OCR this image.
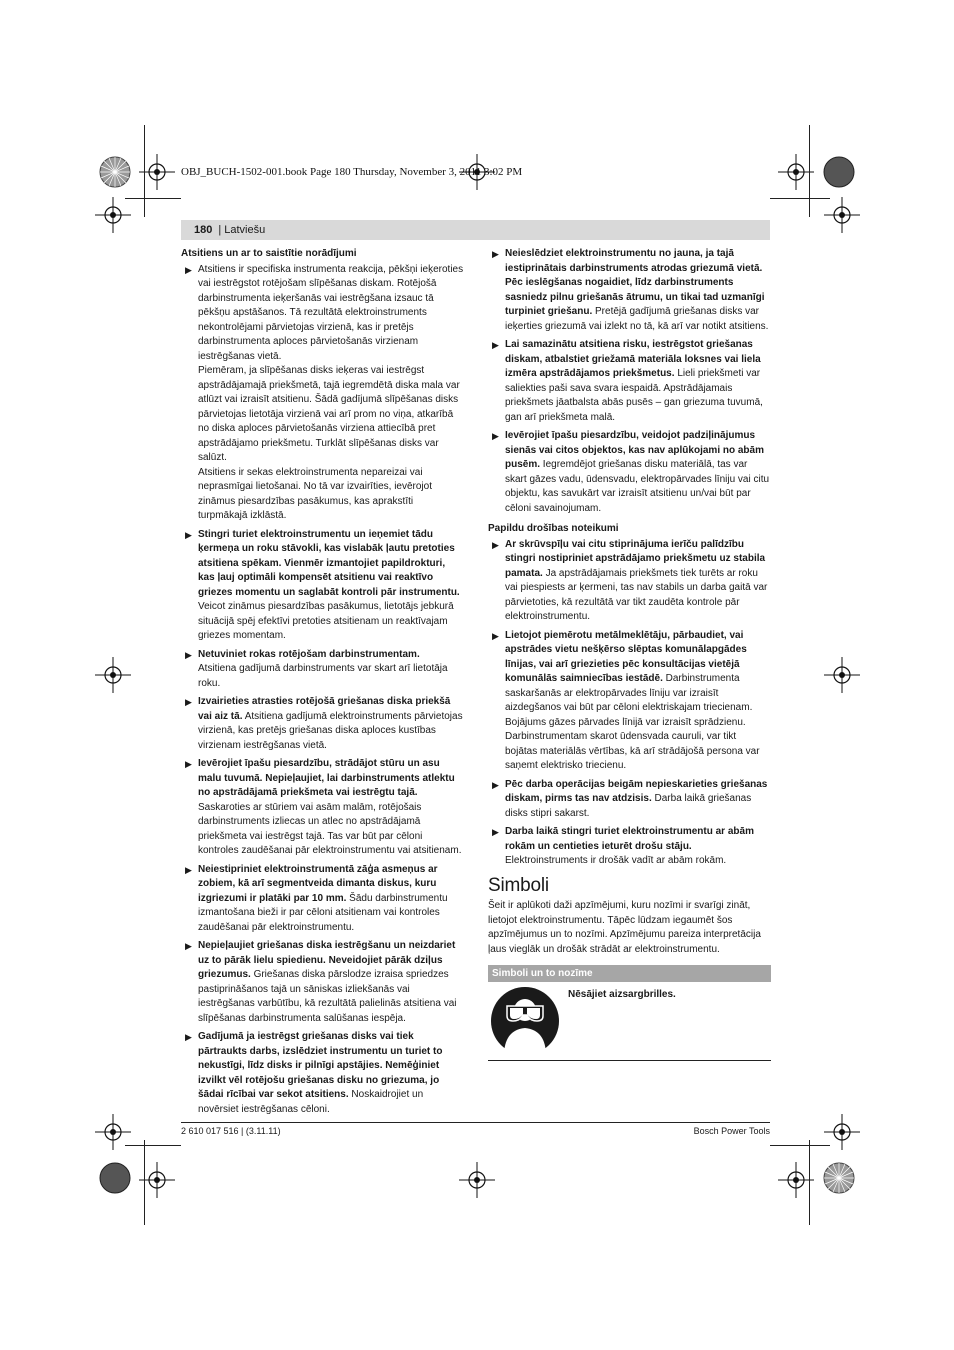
OBJ_BUCH-1502-001.book Page 180 Thursday, November 3, 2011 3:02 PM
180 | Latviešu
Atsitiens un ar to saistītie norādījumi
▶ Atsitiens ir specifiska instrumenta reakcija, pēkšņi ieķeroties vai iestrēgstot rotējošam slīpēšanas diskam. Rotējošā darbinstrumenta ieķeršanās vai iestrēgšana izsauc tā pēkšņu apstāšanos. Tā rezultātā elektroinstruments nekontrolējami pārvietojas virzienā, kas ir pretējs darbinstrumenta aploces pārvietošanās virzienam iestrēgšanas vietā.
Piemēram, ja slīpēšanas disks ieķeras vai iestrēgst apstrādājamajā priekšmetā, tajā iegremdētā diska mala var atlūzt vai izraisīt atsitienu. Šādā gadījumā slīpēšanas disks pārvietojas lietotāja virzienā vai arī prom no viņa, atkarībā no diska aploces pārvietošanās virziena attiecībā pret apstrādājamo priekšmetu. Turklāt slīpēšanas disks var salūzt.
Atsitiens ir sekas elektroinstrumenta nepareizai vai neprasmīgai lietošanai. No tā var izvairīties, ievērojot zināmus piesardzības pasākumus, kas aprakstīti turpmākajā izklāstā.
▶ Stingri turiet elektroinstrumentu un ieņemiet tādu ķermeņa un roku stāvokli, kas vislabāk ļautu pretoties atsitiena spēkam. Vienmēr izmantojiet papildrokturi, kas ļauj optimāli kompensēt atsitienu vai reaktīvo griezes momentu un saglabāt kontroli pār instrumentu.
Veicot zināmus piesardzības pasākumus, lietotājs jebkurā situācijā spēj efektīvi pretoties atsitienam un reaktīvajam griezes momentam.
▶ Netuviniet rokas rotējošam darbinstrumentam.
Atsitiena gadījumā darbinstruments var skart arī lietotāja roku.
▶ Izvairieties atrasties rotējošā griešanas diska priekšā vai aiz tā. Atsitiena gadījumā elektroinstruments pārvietojas virzienā, kas pretējs griešanas diska aploces kustības virzienam iestrēgšanas vietā.
▶ Ievērojiet īpašu piesardzību, strādājot stūru un asu malu tuvumā. Nepieļaujiet, lai darbinstruments atlektu no apstrādājamā priekšmeta vai iestrēgtu tajā.
Saskaroties ar stūriem vai asām malām, rotējošais darbinstruments izliecas un atlec no apstrādājamā priekšmeta vai iestrēgst tajā. Tas var būt par cēloni kontroles zaudēšanai pār elektroinstrumentu vai atsitienam.
▶ Neiestipriniet elektroinstrumentā zāģa asmeņus ar zobiem, kā arī segmentveida dimanta diskus, kuru izgriezumi ir platāki par 10 mm. Šādu darbinstrumentu izmantošana bieži ir par cēloni atsitienam vai kontroles zaudēšanai pār elektroinstrumentu.
▶ Nepieļaujiet griešanas diska iestrēgšanu un neizdariet uz to pārāk lielu spiedienu. Neveidojiet pārāk dziļus griezumus. Griešanas diska pārslodze izraisa spriedzes pastiprināšanos tajā un sāniskas izliekšanās vai iestrēgšanas varbūtību, kā rezultātā palielinās atsitiena vai slīpēšanas darbinstrumenta salūšanas iespēja.
▶ Gadījumā ja iestrēgst griešanas disks vai tiek pārtraukts darbs, izslēdziet instrumentu un turiet to nekustīgi, līdz disks ir pilnīgi apstājies. Nemēģiniet izvilkt vēl rotējošu griešanas disku no griezuma, jo šādai rīcībai var sekot atsitiens. Noskaidrojiet un novērsiet iestrēgšanas cēloni.
▶ Neieslēdziet elektroinstrumentu no jauna, ja tajā iestiprinātais darbinstruments atrodas griezumā vietā. Pēc ieslēgšanas nogaidiet, līdz darbinstruments sasniedz pilnu griešanās ātrumu, un tikai tad uzmanīgi turpiniet griešanu. Pretējā gadījumā griešanas disks var ieķerties griezumā vai izlekt no tā, kā arī var notikt atsitiens.
▶ Lai samazinātu atsitiena risku, iestrēgstot griešanas diskam, atbalstiet griežamā materiāla loksnes vai liela izmēra apstrādājamos priekšmetus. Lieli priekšmeti var saliekties paši sava svara iespaidā. Apstrādājamais priekšmets jāatbalsta abās pusēs – gan griezuma tuvumā, gan arī priekšmeta malā.
▶ Ievērojiet īpašu piesardzību, veidojot padziļinājumus sienās vai citos objektos, kas nav aplūkojami no abām pusēm. Iegremdējot griešanas disku materiālā, tas var skart gāzes vadu, ūdensvadu, elektropārvades līniju vai citu objektu, kas savukārt var izraisīt atsitienu un/vai būt par cēloni savainojumam.
Papildu drošības noteikumi
▶ Ar skrūvspīļu vai citu stiprinājuma ierīču palīdzību stingri nostipriniet apstrādājamo priekšmetu uz stabila pamata. Ja apstrādājamais priekšmets tiek turēts ar roku vai piespiests ar ķermeni, tas nav stabils un darba gaitā var pārvietoties, kā rezultātā var tikt zaudēta kontrole pār elektroinstrumentu.
▶ Lietojot piemērotu metālmeklētāju, pārbaudiet, vai apstrādes vietu nešķērso slēptas komunālapgādes līnijas, vai arī griezieties pēc konsultācijas vietējā komunālās saimniecības iestādē. Darbinstrumenta saskaršanās ar elektropārvades līniju var izraisīt aizdegšanos vai būt par cēloni elektriskajam triecienam. Bojājums gāzes pārvades līnijā var izraisīt sprādzienu. Darbinstrumentam skarot ūdensvada cauruli, var tikt bojātas materiālās vērtības, kā arī strādājošā persona var saņemt elektrisko triecienu.
▶ Pēc darba operācijas beigām nepieskarieties griešanas diskam, pirms tas nav atdzisis. Darba laikā griešanas disks stipri sakarst.
▶ Darba laikā stingri turiet elektroinstrumentu ar abām rokām un centieties ieturēt drošu stāju.
Elektroinstruments ir drošāk vadīt ar abām rokām.
Simboli
Šeit ir aplūkoti daži apzīmējumi, kuru nozīmi ir svarīgi zināt, lietojot elektroinstrumentu. Tāpēc lūdzam iegaumēt šos apzīmējumus un to nozīmi. Apzīmējumu pareiza interpretācija ļaus vieglāk un drošāk strādāt ar elektroinstrumentu.
Simboli un to nozīme
Nēsājiet aizsargbrilles.
2 610 017 516 | (3.11.11)	Bosch Power Tools
